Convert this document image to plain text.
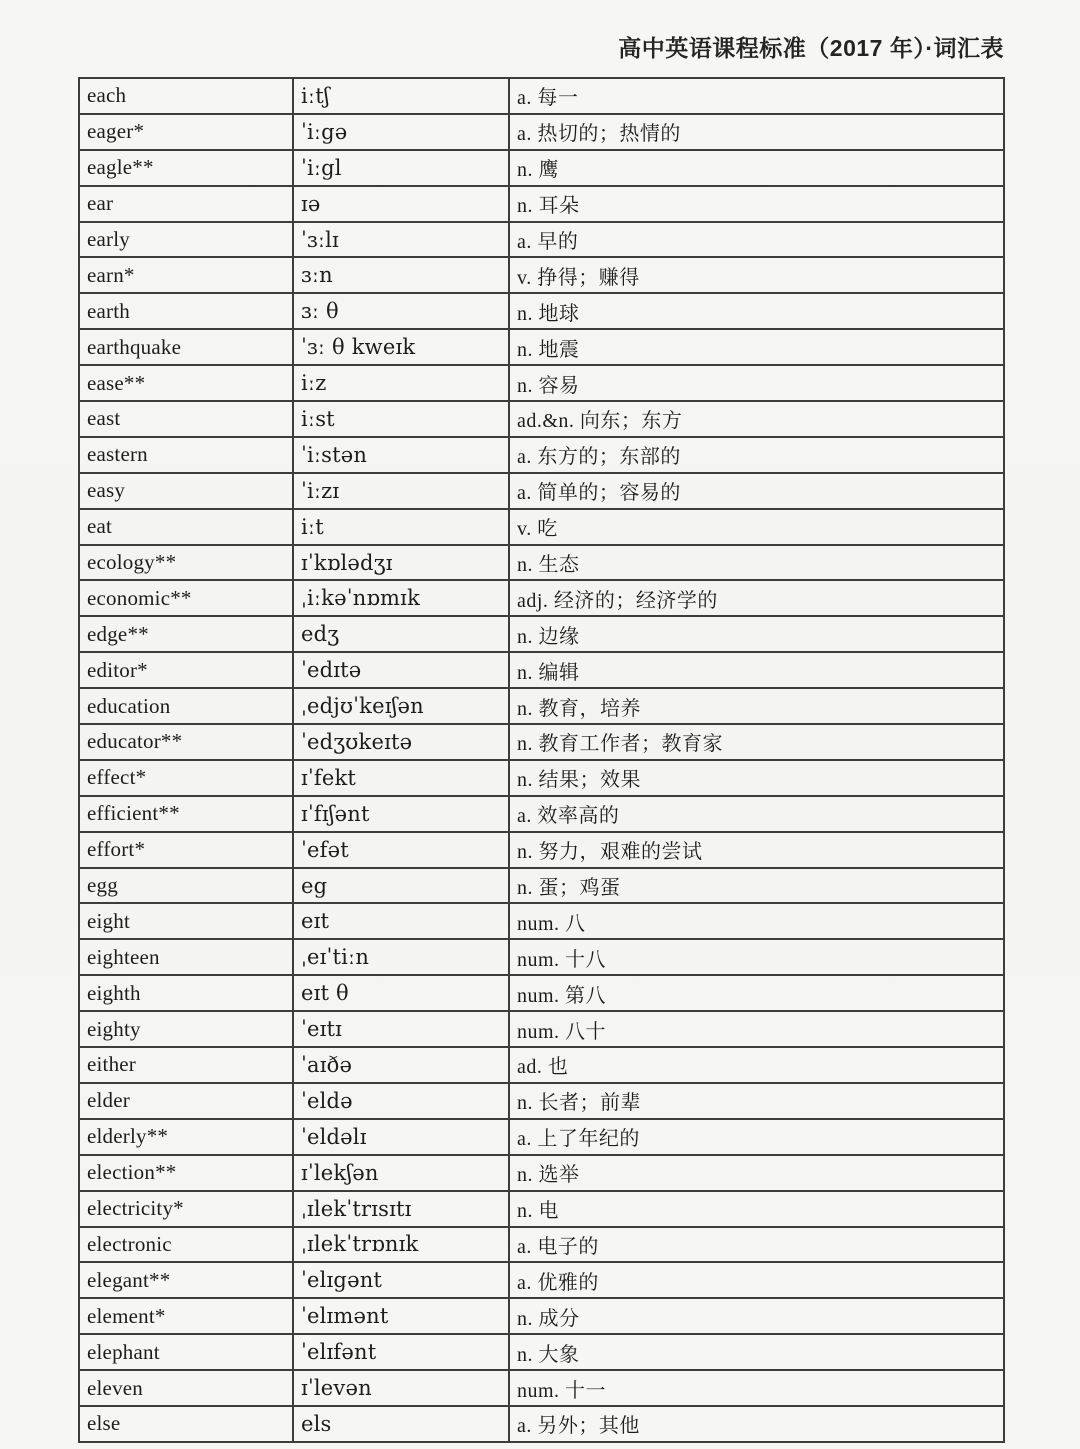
高中英语课程标准（2017 年）·词汇表
each	iːtʃ	a. 每一
eager*	ˈiːgə	a. 热切的；热情的
eagle**	ˈiːgl	n. 鹰
ear	ɪə	n. 耳朵
early	ˈɜːlɪ	a. 早的
earn*	ɜːn	v. 挣得；赚得
earth	ɜː θ	n. 地球
earthquake	ˈɜː θ kweɪk	n. 地震
ease**	iːz	n. 容易
east	iːst	ad.&n. 向东；东方
eastern	ˈiːstən	a. 东方的；东部的
easy	ˈiːzɪ	a. 简单的；容易的
eat	iːt	v. 吃
ecology**	ɪˈkɒlədʒɪ	n. 生态
economic**	ˌiːkəˈnɒmɪk	adj. 经济的；经济学的
edge**	edʒ	n. 边缘
editor*	ˈedɪtə	n. 编辑
education	ˌedjʊˈkeɪʃən	n. 教育，培养
educator**	ˈedʒʊkeɪtə	n. 教育工作者；教育家
effect*	ɪˈfekt	n. 结果；效果
efficient**	ɪˈfɪʃənt	a. 效率高的
effort*	ˈefət	n. 努力，艰难的尝试
egg	eg	n. 蛋；鸡蛋
eight	eɪt	num. 八
eighteen	ˌeɪˈtiːn	num. 十八
eighth	eɪt θ	num. 第八
eighty	ˈeɪtɪ	num. 八十
either	ˈaɪðə	ad. 也
elder	ˈeldə	n. 长者；前辈
elderly**	ˈeldəlɪ	a. 上了年纪的
election**	ɪˈlekʃən	n. 选举
electricity*	ˌɪlekˈtrɪsɪtɪ	n. 电
electronic	ˌɪlekˈtrɒnɪk	a. 电子的
elegant**	ˈelɪgənt	a. 优雅的
element*	ˈelɪmənt	n. 成分
elephant	ˈelɪfənt	n. 大象
eleven	ɪˈlevən	num. 十一
else	els	a. 另外；其他
